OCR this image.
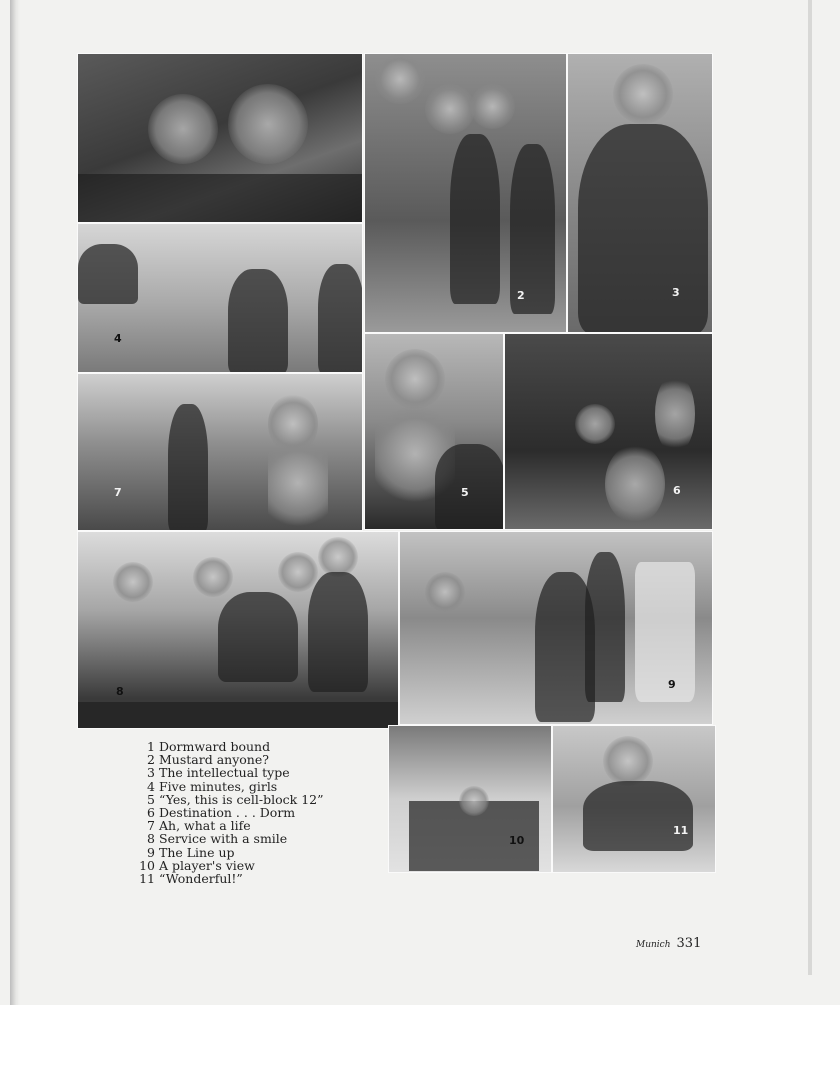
2	3
4
7	5	6
8
9
10
11
1 Dormward bound
2 Mustard anyone?
3 The intellectual type
4 Five minutes, girls
5 “Yes, this is cell-block 12”
6 Destination . . . Dorm
7 Ah, what a life
8 Service with a smile
9 The Line up
10 A player's view
11 “Wonderful!”
Munich 331
